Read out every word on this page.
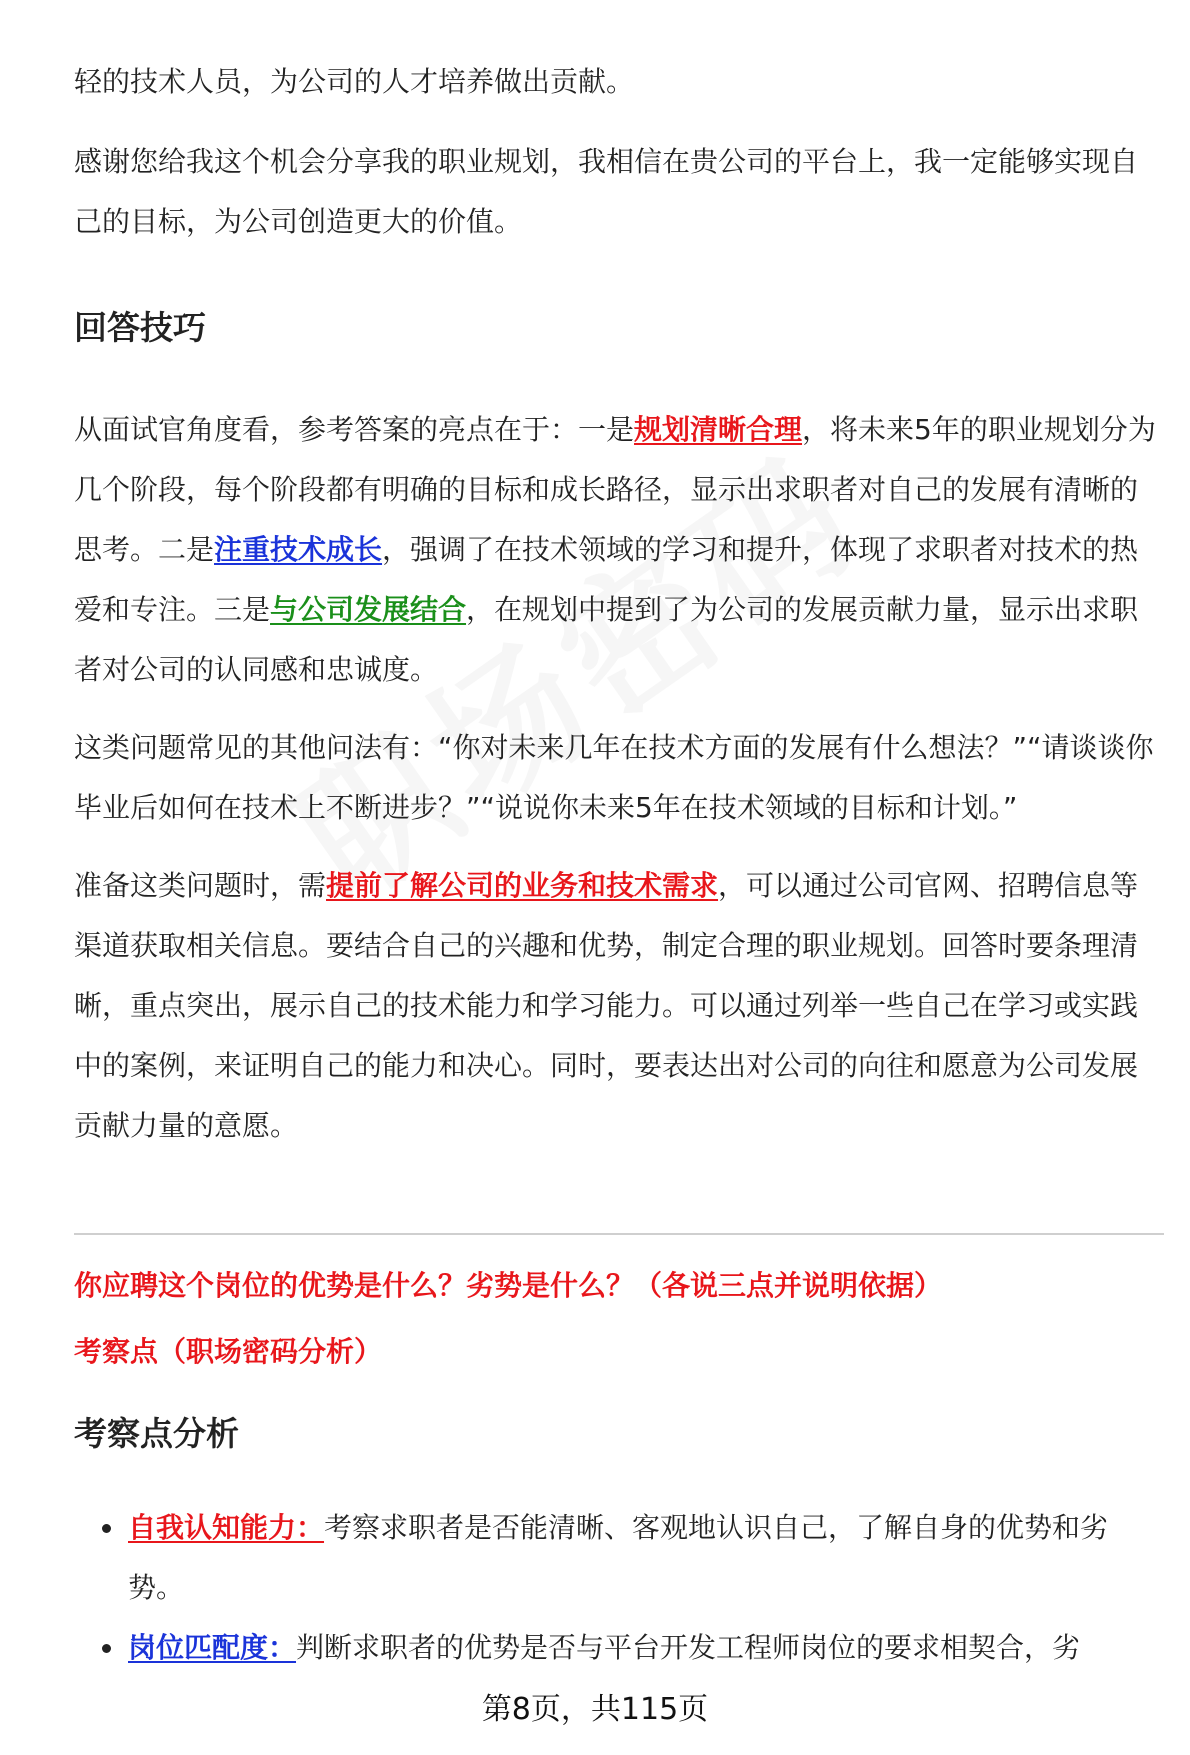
轻的技术人员，为公司的人才培养做出贡献。

感谢您给我这个机会分享我的职业规划，我相信在贵公司的平台上，我一定能够实现自己的目标，为公司创造更大的价值。

回答技巧

从面试官角度看，参考答案的亮点在于：一是规划清晰合理，将未来5年的职业规划分为几个阶段，每个阶段都有明确的目标和成长路径，显示出求职者对自己的发展有清晰的思考。二是注重技术成长，强调了在技术领域的学习和提升，体现了求职者对技术的热爱和专注。三是与公司发展结合，在规划中提到了为公司的发展贡献力量，显示出求职者对公司的认同感和忠诚度。

这类问题常见的其他问法有：“你对未来几年在技术方面的发展有什么想法？”“请谈谈你毕业后如何在技术上不断进步？”“说说你未来5年在技术领域的目标和计划。”

准备这类问题时，需提前了解公司的业务和技术需求，可以通过公司官网、招聘信息等渠道获取相关信息。要结合自己的兴趣和优势，制定合理的职业规划。回答时要条理清晰，重点突出，展示自己的技术能力和学习能力。可以通过列举一些自己在学习或实践中的案例，来证明自己的能力和决心。同时，要表达出对公司的向往和愿意为公司发展贡献力量的意愿。

你应聘这个岗位的优势是什么？劣势是什么？（各说三点并说明依据）
考察点（职场密码分析）
考察点分析
自我认知能力：考察求职者是否能清晰、客观地认识自己，了解自身的优势和劣势。
岗位匹配度：判断求职者的优势是否与平台开发工程师岗位的要求相契合，劣
第8页，共115页
